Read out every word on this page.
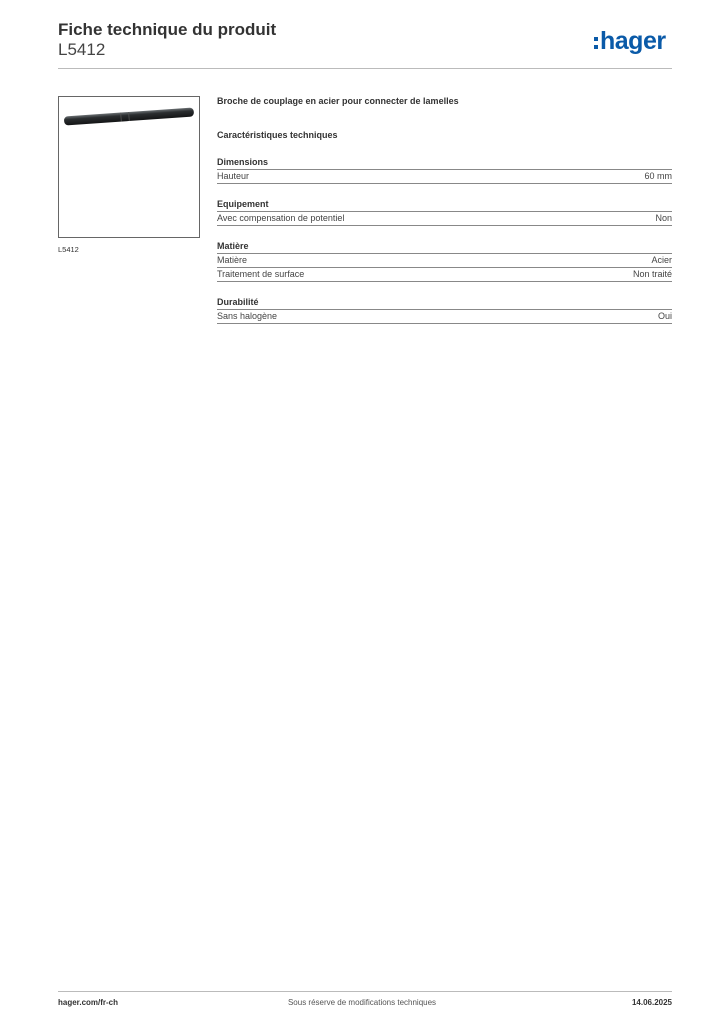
Fiche technique du produit
L5412	hager
L5412
Broche de couplage en acier pour connecter de lamelles
Caractéristiques techniques
Dimensions
Hauteur	60 mm
Equipement
Avec compensation de potentiel	Non
Matière
Matière	Acier
Traitement de surface	Non traité
Durabilité
Sans halogène	Oui
hager.com/fr-ch	Sous réserve de modifications techniques	14.06.2025
